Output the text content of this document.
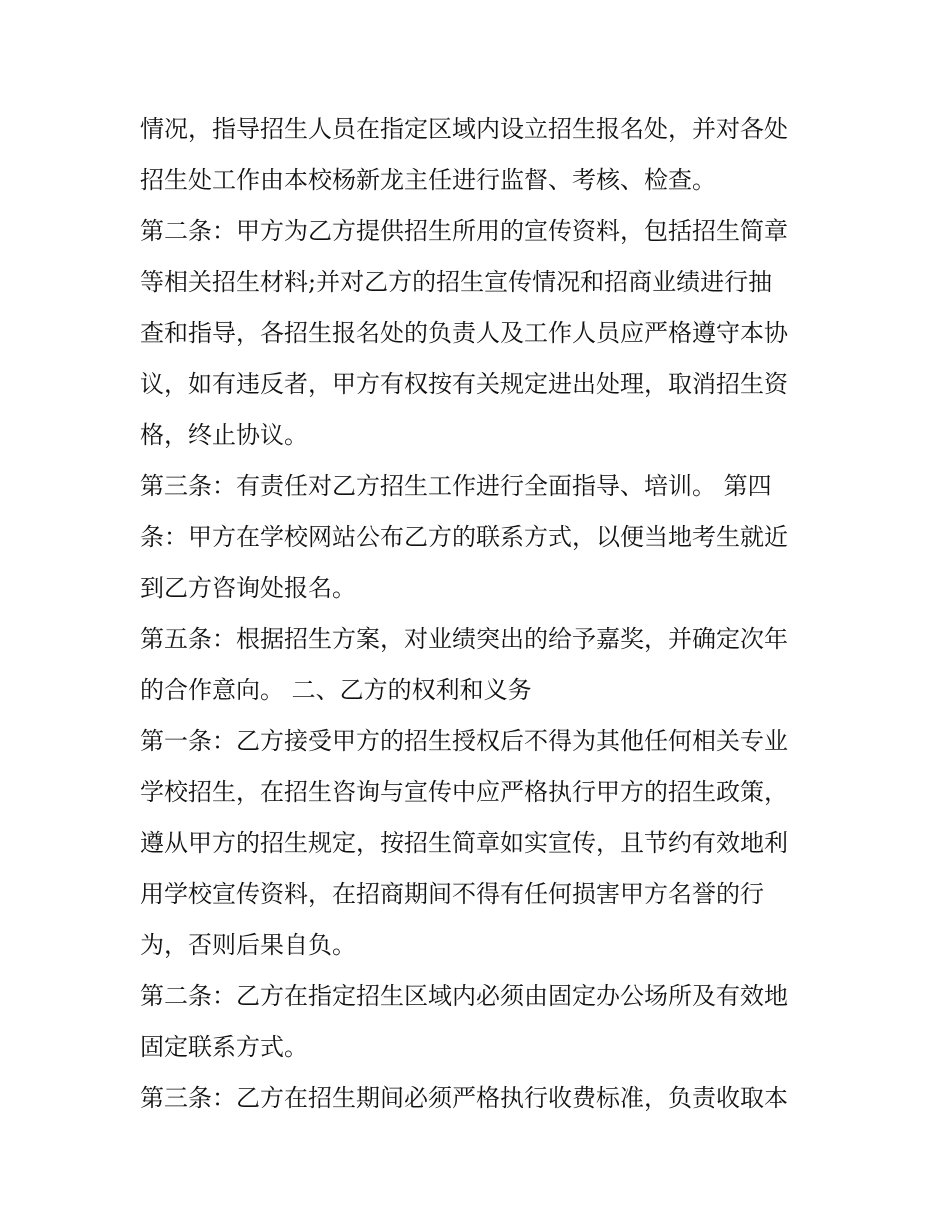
情况，指导招生人员在指定区域内设立招生报名处，并对各处
招生处工作由本校杨新龙主任进行监督、考核、检查。
第二条：甲方为乙方提供招生所用的宣传资料，包括招生简章
等相关招生材料;并对乙方的招生宣传情况和招商业绩进行抽
查和指导，各招生报名处的负责人及工作人员应严格遵守本协
议，如有违反者，甲方有权按有关规定进出处理，取消招生资
格，终止协议。
第三条：有责任对乙方招生工作进行全面指导、培训。 第四
条：甲方在学校网站公布乙方的联系方式，以便当地考生就近
到乙方咨询处报名。
第五条：根据招生方案，对业绩突出的给予嘉奖，并确定次年
的合作意向。 二、乙方的权利和义务
第一条：乙方接受甲方的招生授权后不得为其他任何相关专业
学校招生，在招生咨询与宣传中应严格执行甲方的招生政策，
遵从甲方的招生规定，按招生简章如实宣传，且节约有效地利
用学校宣传资料，在招商期间不得有任何损害甲方名誉的行
为，否则后果自负。
第二条：乙方在指定招生区域内必须由固定办公场所及有效地
固定联系方式。
第三条：乙方在招生期间必须严格执行收费标准，负责收取本
